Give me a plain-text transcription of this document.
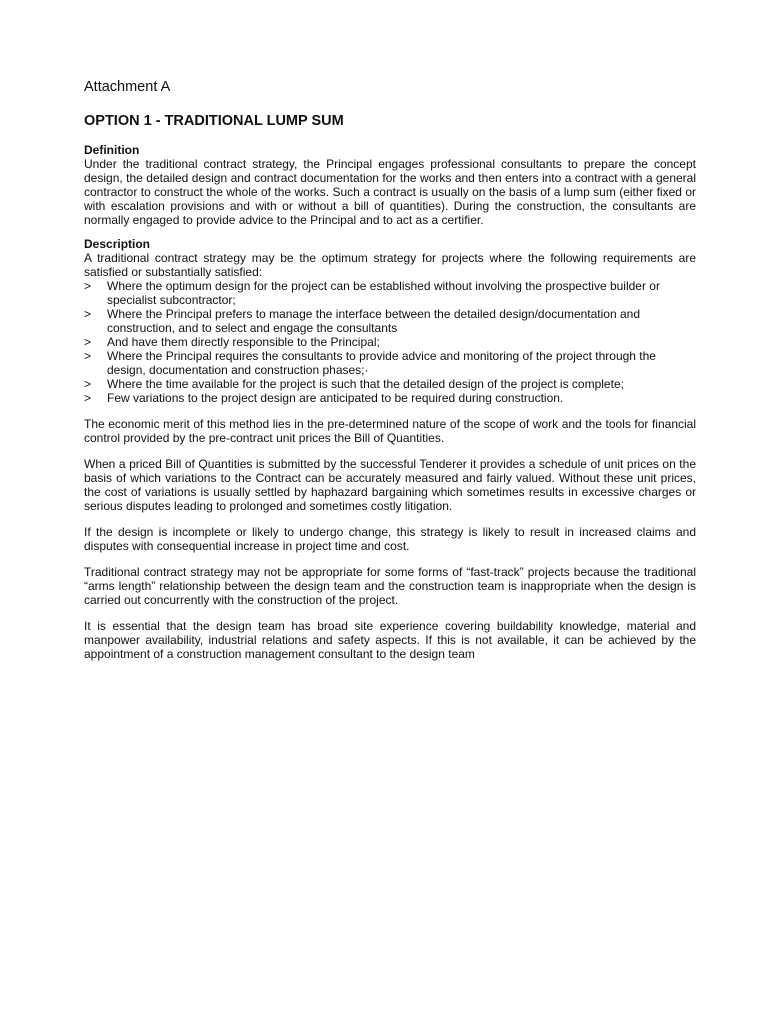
Attachment A
OPTION 1 - TRADITIONAL LUMP SUM
Definition

Under the traditional contract strategy, the Principal engages professional consultants to prepare the concept design, the detailed design and contract documentation for the works and then enters into a contract with a general contractor to construct the whole of the works. Such a contract is usually on the basis of a lump sum (either fixed or with escalation provisions and with or without a bill of quantities). During the construction, the consultants are normally engaged to provide advice to the Principal and to act as a certifier.

Description

A traditional contract strategy may be the optimum strategy for projects where the following requirements are satisfied or substantially satisfied:

> Where the optimum design for the project can be established without involving the prospective builder or specialist subcontractor;
> Where the Principal prefers to manage the interface between the detailed design/documentation and construction, and to select and engage the consultants
> And have them directly responsible to the Principal;
> Where the Principal requires the consultants to provide advice and monitoring of the project through the design, documentation and construction phases;·
> Where the time available for the project is such that the detailed design of the project is complete;
> Few variations to the project design are anticipated to be required during construction.

The economic merit of this method lies in the pre-determined nature of the scope of work and the tools for financial control provided by the pre-contract unit prices the Bill of Quantities.

When a priced Bill of Quantities is submitted by the successful Tenderer it provides a schedule of unit prices on the basis of which variations to the Contract can be accurately measured and fairly valued. Without these unit prices, the cost of variations is usually settled by haphazard bargaining which sometimes results in excessive charges or serious disputes leading to prolonged and sometimes costly litigation.

If the design is incomplete or likely to undergo change, this strategy is likely to result in increased claims and disputes with consequential increase in project time and cost.

Traditional contract strategy may not be appropriate for some forms of “fast-track” projects because the traditional “arms length” relationship between the design team and the construction team is inappropriate when the design is carried out concurrently with the construction of the project.

It is essential that the design team has broad site experience covering buildability knowledge, material and manpower availability, industrial relations and safety aspects. If this is not available, it can be achieved by the appointment of a construction management consultant to the design team
